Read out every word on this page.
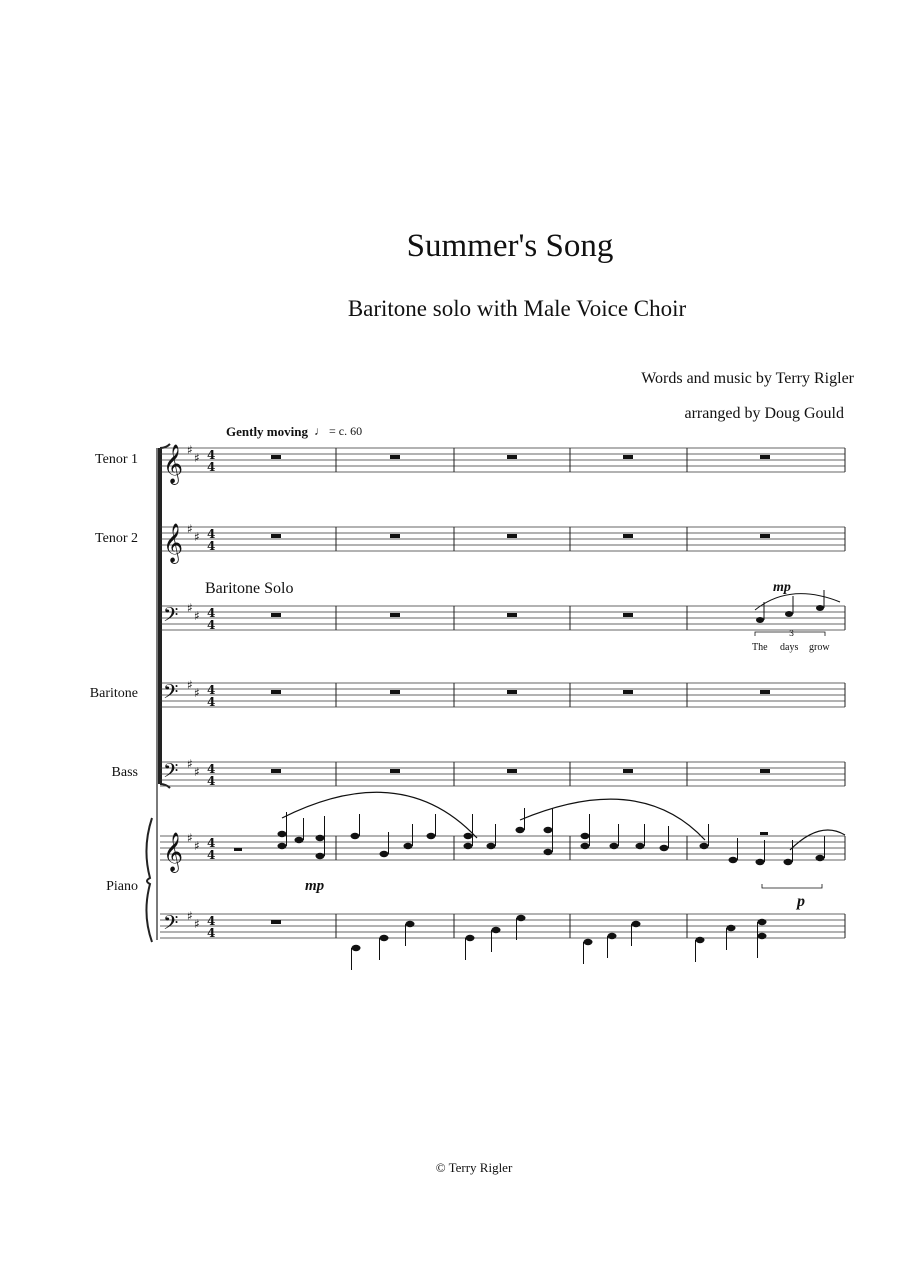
𝄞 ♯
♯ 4
4
𝄞 ♯
♯ 4
4
𝄢 ♯
♯ 4
4
𝄢 ♯
♯ 4
4
𝄢 ♯
♯ 4
4
𝄞 ♯
♯ 4
4
𝄢 ♯
♯ 4
4
3
Summer's Song
Baritone solo with Male Voice Choir
Words and music by Terry Rigler
arranged by Doug Gould
Gently moving ♩ = c. 60
Tenor 1
Tenor 2
Baritone
Bass
Piano
Baritone Solo
mp
mp
p
The days grow
© Terry Rigler
